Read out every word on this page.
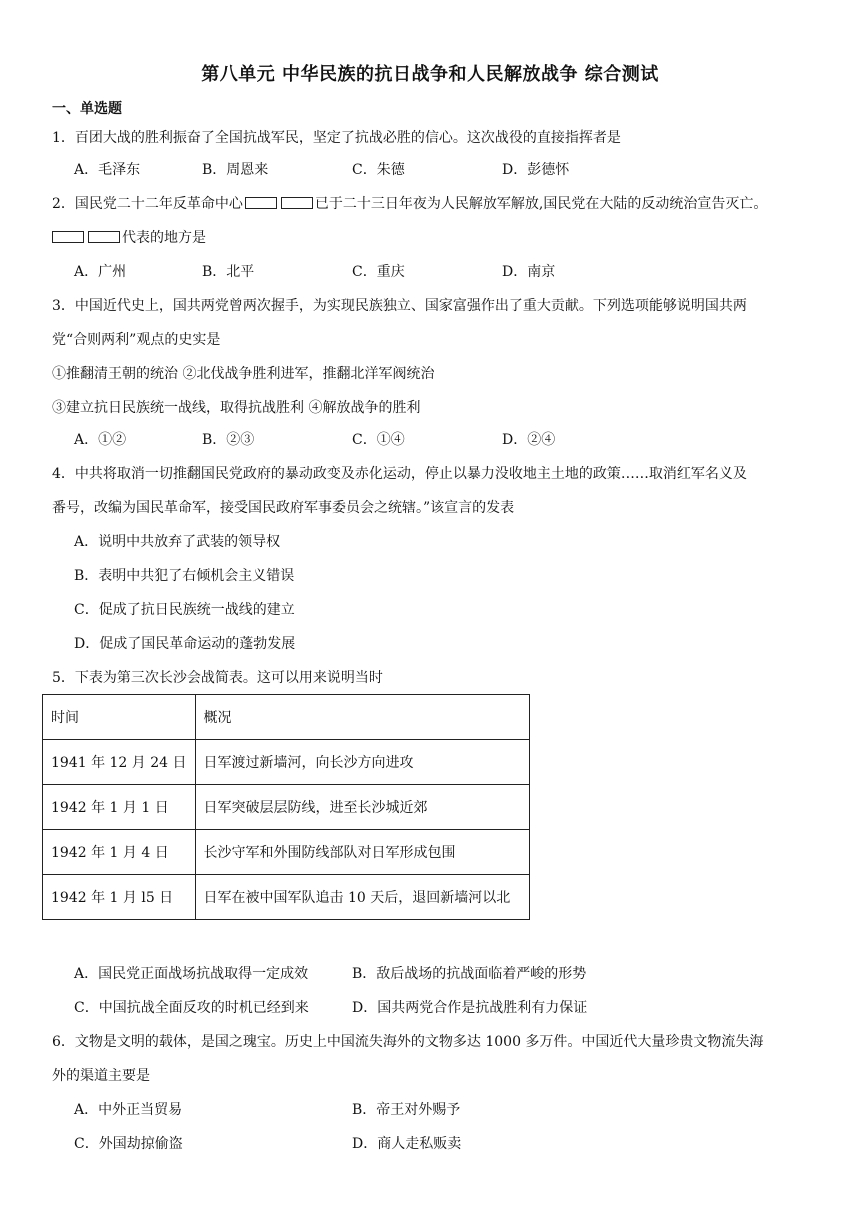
第八单元 中华民族的抗日战争和人民解放战争 综合测试
一、单选题
1．百团大战的胜利振奋了全国抗战军民，坚定了抗战必胜的信心。这次战役的直接指挥者是
A．毛泽东	B．周恩来	C．朱德	D．彭德怀
2．国民党二十二年反革命中心	已于二十三日年夜为人民解放军解放,国民党在大陆的反动统治宣告灭亡。
代表的地方是
A．广州	B．北平	C．重庆	D．南京
3．中国近代史上，国共两党曾两次握手，为实现民族独立、国家富强作出了重大贡献。下列选项能够说明国共两
党“合则两利”观点的史实是
①推翻清王朝的统治 ②北伐战争胜利进军，推翻北洋军阀统治
③建立抗日民族统一战线，取得抗战胜利 ④解放战争的胜利
A．①②	B．②③	C．①④	D．②④
4．中共将取消一切推翻国民党政府的暴动政变及赤化运动，停止以暴力没收地主土地的政策……取消红军名义及
番号，改编为国民革命军，接受国民政府军事委员会之统辖。”该宣言的发表
A．说明中共放弃了武装的领导权
B．表明中共犯了右倾机会主义错误
C．促成了抗日民族统一战线的建立
D．促成了国民革命运动的蓬勃发展
5．下表为第三次长沙会战简表。这可以用来说明当时
时间	概况
1941 年 12 月 24 日	日军渡过新墙河，向长沙方向进攻
1942 年 1 月 1 日	日军突破层层防线，进至长沙城近郊
1942 年 1 月 4 日	长沙守军和外围防线部队对日军形成包围
1942 年 1 月 l5 日	日军在被中国军队追击 10 天后，退回新墙河以北
A．国民党正面战场抗战取得一定成效	B．敌后战场的抗战面临着严峻的形势
C．中国抗战全面反攻的时机已经到来	D．国共两党合作是抗战胜利有力保证
6．文物是文明的载体，是国之瑰宝。历史上中国流失海外的文物多达 1000 多万件。中国近代大量珍贵文物流失海
外的渠道主要是
A．中外正当贸易	B．帝王对外赐予
C．外国劫掠偷盗	D．商人走私贩卖
